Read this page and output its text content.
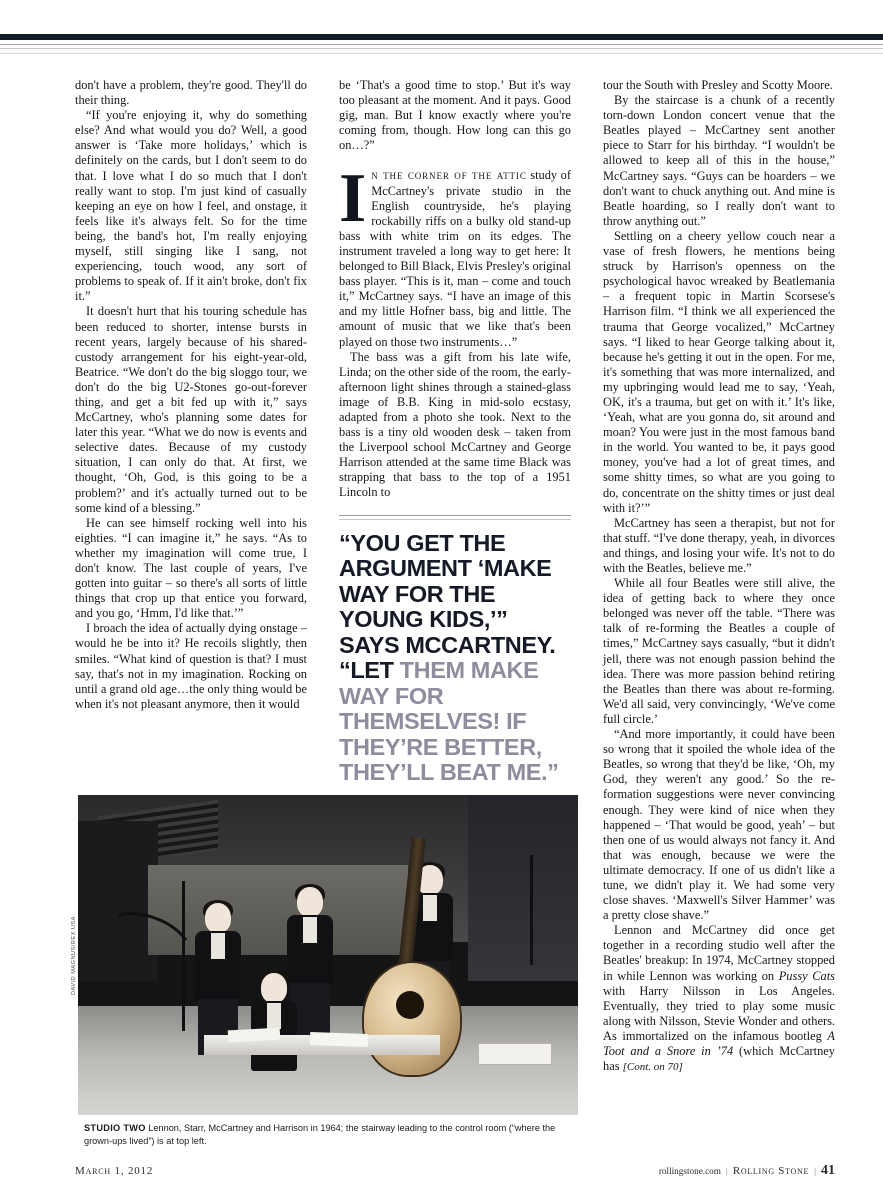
don't have a problem, they're good. They'll do their thing.

“If you're enjoying it, why do something else? And what would you do? Well, a good answer is ‘Take more holidays,’ which is definitely on the cards, but I don't seem to do that. I love what I do so much that I don't really want to stop. I'm just kind of casually keeping an eye on how I feel, and onstage, it feels like it's always felt. So for the time being, the band's hot, I'm really enjoying myself, still singing like I sang, not experiencing, touch wood, any sort of problems to speak of. If it ain't broke, don't fix it.”

It doesn't hurt that his touring schedule has been reduced to shorter, intense bursts in recent years, largely because of his shared-custody arrangement for his eight-year-old, Beatrice. “We don't do the big sloggo tour, we don't do the big U2-Stones go-out-forever thing, and get a bit fed up with it,” says McCartney, who's planning some dates for later this year. “What we do now is events and selective dates. Because of my custody situation, I can only do that. At first, we thought, ‘Oh, God, is this going to be a problem?’ and it's actually turned out to be some kind of a blessing.”

He can see himself rocking well into his eighties. “I can imagine it,” he says. “As to whether my imagination will come true, I don't know. The last couple of years, I've gotten into guitar – so there's all sorts of little things that crop up that entice you forward, and you go, ‘Hmm, I'd like that.’”

I broach the idea of actually dying onstage – would he be into it? He recoils slightly, then smiles. “What kind of question is that? I must say, that's not in my imagination. Rocking on until a grand old age…the only thing would be when it's not pleasant anymore, then it would

be ‘That's a good time to stop.’ But it's way too pleasant at the moment. And it pays. Good gig, man. But I know exactly where you're coming from, though. How long can this go on…?”

In the corner of the attic study of McCartney's private studio in the English countryside, he's playing rockabilly riffs on a bulky old stand-up bass with white trim on its edges. The instrument traveled a long way to get here: It belonged to Bill Black, Elvis Presley's original bass player. “This is it, man – come and touch it,” McCartney says. “I have an image of this and my little Hofner bass, big and little. The amount of music that we like that's been played on those two instruments…”

The bass was a gift from his late wife, Linda; on the other side of the room, the early-afternoon light shines through a stained-glass image of B.B. King in mid-solo ecstasy, adapted from a photo she took. Next to the bass is a tiny old wooden desk – taken from the Liverpool school McCartney and George Harrison attended at the same time Black was strapping that bass to the top of a 1951 Lincoln to

“YOU GET THE ARGUMENT ‘MAKE WAY FOR THE YOUNG KIDS,’” SAYS MCCARTNEY. “LET THEM MAKE WAY FOR THEMSELVES! IF THEY’RE BETTER, THEY’LL BEAT ME.”

tour the South with Presley and Scotty Moore.

By the staircase is a chunk of a recently torn-down London concert venue that the Beatles played – McCartney sent another piece to Starr for his birthday. “I wouldn't be allowed to keep all of this in the house,” McCartney says. “Guys can be hoarders – we don't want to chuck anything out. And mine is Beatle hoarding, so I really don't want to throw anything out.”

Settling on a cheery yellow couch near a vase of fresh flowers, he mentions being struck by Harrison's openness on the psychological havoc wreaked by Beatlemania – a frequent topic in Martin Scorsese's Harrison film. “I think we all experienced the trauma that George vocalized,” McCartney says. “I liked to hear George talking about it, because he's getting it out in the open. For me, it's something that was more internalized, and my upbringing would lead me to say, ‘Yeah, OK, it's a trauma, but get on with it.’ It's like, ‘Yeah, what are you gonna do, sit around and moan? You were just in the most famous band in the world. You wanted to be, it pays good money, you've had a lot of great times, and some shitty times, so what are you going to do, concentrate on the shitty times or just deal with it?’”

McCartney has seen a therapist, but not for that stuff. “I've done therapy, yeah, in divorces and things, and losing your wife. It's not to do with the Beatles, believe me.”

While all four Beatles were still alive, the idea of getting back to where they once belonged was never off the table. “There was talk of re-forming the Beatles a couple of times,” McCartney says casually, “but it didn't jell, there was not enough passion behind the idea. There was more passion behind retiring the Beatles than there was about re-forming. We'd all said, very convincingly, ‘We've come full circle.’

“And more importantly, it could have been so wrong that it spoiled the whole idea of the Beatles, so wrong that they'd be like, ‘Oh, my God, they weren't any good.’ So the re-formation suggestions were never convincing enough. They were kind of nice when they happened – ‘That would be good, yeah’ – but then one of us would always not fancy it. And that was enough, because we were the ultimate democracy. If one of us didn't like a tune, we didn't play it. We had some very close shaves. ‘Maxwell's Silver Hammer’ was a pretty close shave.”

Lennon and McCartney did once get together in a recording studio well after the Beatles' breakup: In 1974, McCartney stopped in while Lennon was working on Pussy Cats with Harry Nilsson in Los Angeles. Eventually, they tried to play some music along with Nilsson, Stevie Wonder and others. As immortalized on the infamous bootleg A Toot and a Snore in ’74 (which McCartney has [Cont. on 70]

DAVID MAGNUS/REX USA
STUDIO TWO Lennon, Starr, McCartney and Harrison in 1964; the stairway leading to the control room (“where the grown-ups lived”) is at top left.
March 1, 2012	rollingstone.com | Rolling Stone | 41
